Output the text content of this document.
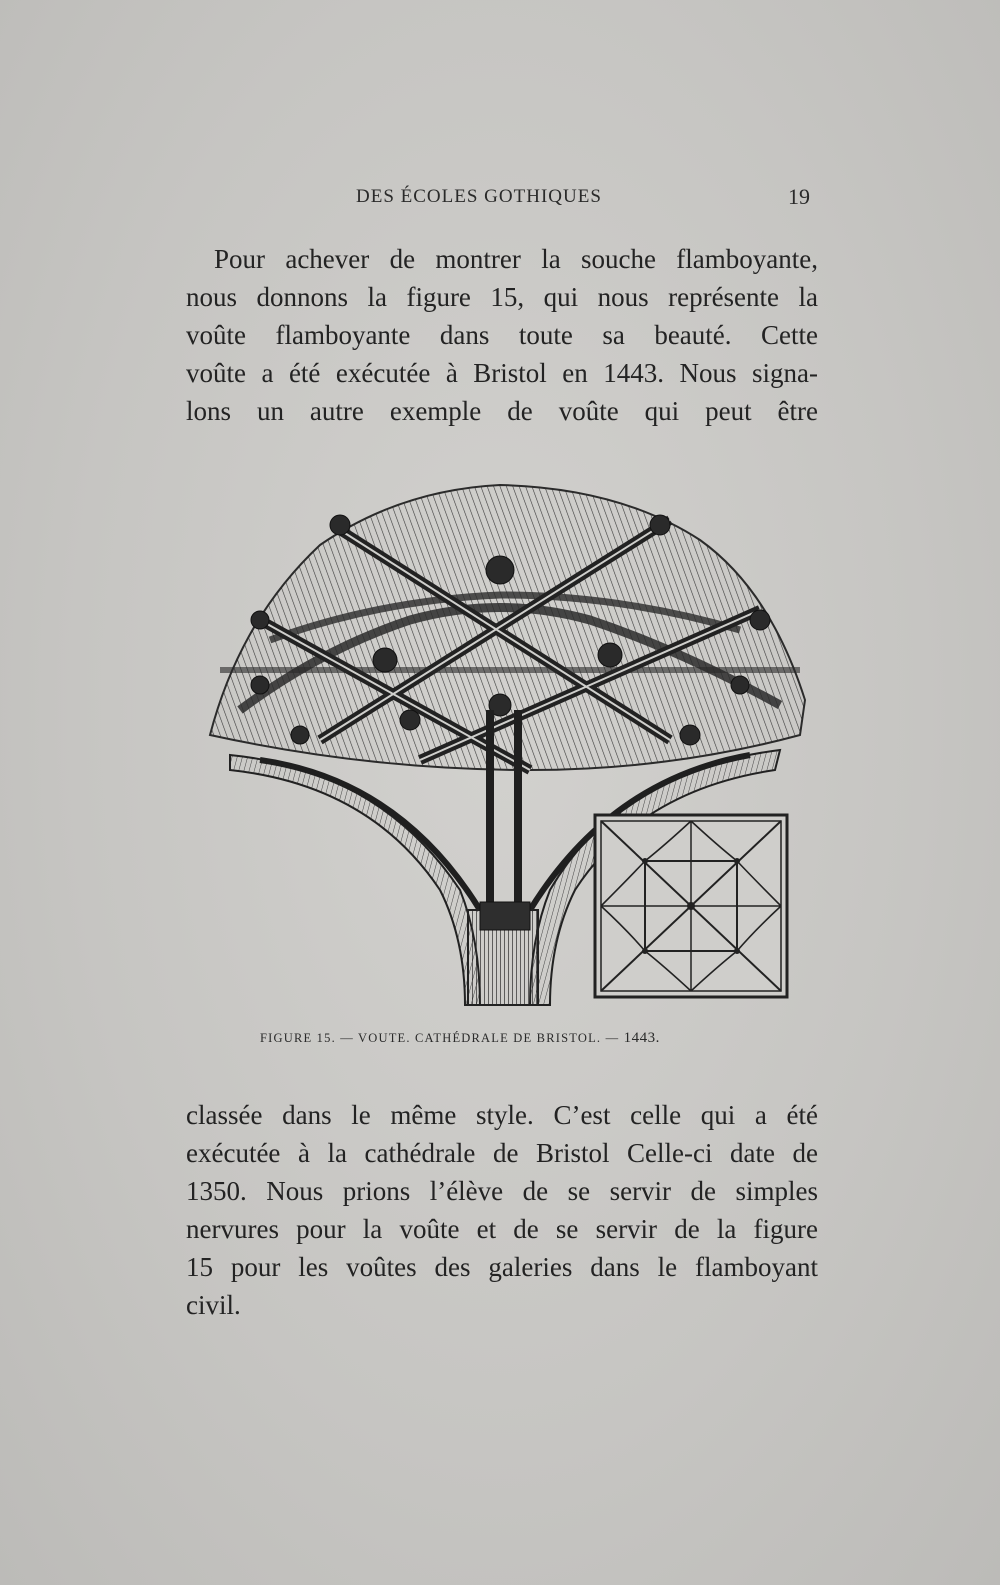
DES ÉCOLES GOTHIQUES	19
Pour achever de montrer la souche flamboyante,
nous donnons la figure 15, qui nous représente la
voûte flamboyante dans toute sa beauté. Cette
voûte a été exécutée à Bristol en 1443. Nous signa-
lons un autre exemple de voûte qui peut être
FIGURE 15. — VOUTE. CATHÉDRALE DE BRISTOL. — 1443.
classée dans le même style. C’est celle qui a été
exécutée à la cathédrale de Bristol Celle-ci date de
1350. Nous prions l’élève de se servir de simples
nervures pour la voûte et de se servir de la figure
15 pour les voûtes des galeries dans le flamboyant
civil.
